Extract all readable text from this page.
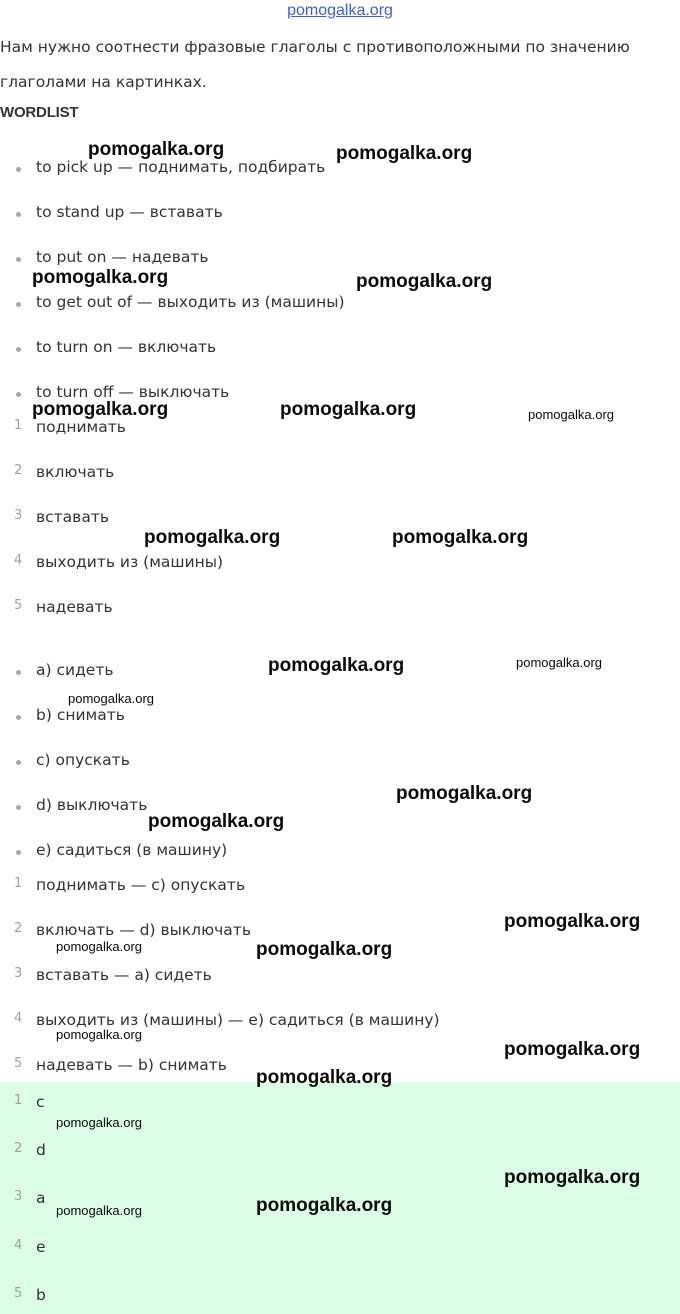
pomogalka.org
Нам нужно соотнести фразовые глаголы с противоположными по значению глаголами на картинках.
WORDLIST
to pick up — поднимать, подбирать
to stand up — вставать
to put on — надевать
to get out of — выходить из (машины)
to turn on — включать
to turn off — выключать
1 поднимать
2 включать
3 вставать
4 выходить из (машины)
5 надевать
a) сидеть
b) снимать
c) опускать
d) выключать
e) садиться (в машину)
1 поднимать — c) опускать
2 включать — d) выключать
3 вставать — a) сидеть
4 выходить из (машины) — e) садиться (в машину)
5 надевать — b) снимать
1 c
2 d
3 a
4 e
5 b
pomogalka.org	pomogalka.org
pomogalka.org	pomogalka.org
pomogalka.org	pomogalka.org	pomogalka.org
pomogalka.org	pomogalka.org
pomogalka.org	pomogalka.org
pomogalka.org
pomogalka.org
pomogalka.org
pomogalka.org
pomogalka.org	pomogalka.org
pomogalka.org
pomogalka.org
pomogalka.org
pomogalka.org
pomogalka.org
pomogalka.org	pomogalka.org
